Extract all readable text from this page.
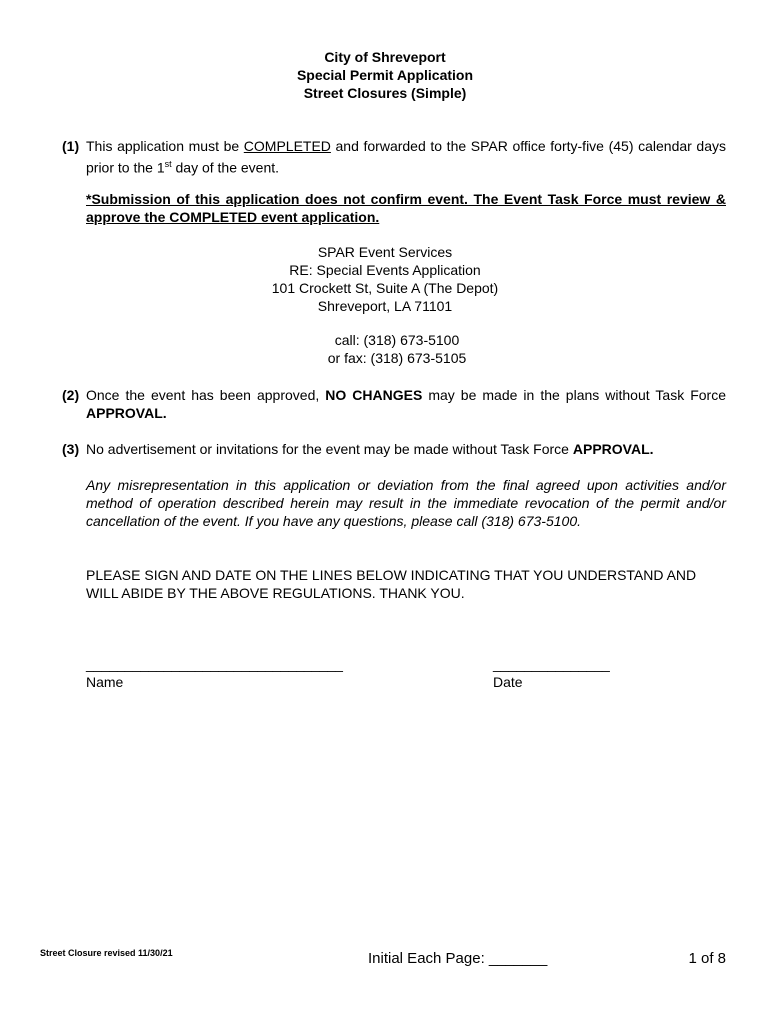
City of Shreveport
Special Permit Application
Street Closures (Simple)
(1) This application must be COMPLETED and forwarded to the SPAR office forty-five (45) calendar days prior to the 1st day of the event.
*Submission of this application does not confirm event. The Event Task Force must review & approve the COMPLETED event application.
SPAR Event Services
RE: Special Events Application
101 Crockett St, Suite A (The Depot)
Shreveport, LA 71101
call: (318) 673-5100
or fax: (318) 673-5105
(2) Once the event has been approved, NO CHANGES may be made in the plans without Task Force APPROVAL.
(3) No advertisement or invitations for the event may be made without Task Force APPROVAL.
Any misrepresentation in this application or deviation from the final agreed upon activities and/or method of operation described herein may result in the immediate revocation of the permit and/or cancellation of the event. If you have any questions, please call (318) 673-5100.
PLEASE SIGN AND DATE ON THE LINES BELOW INDICATING THAT YOU UNDERSTAND AND WILL ABIDE BY THE ABOVE REGULATIONS. THANK YOU.
_________________________________
Name
_______________
Date
Street Closure revised 11/30/21	Initial Each Page: _______	1 of 8
